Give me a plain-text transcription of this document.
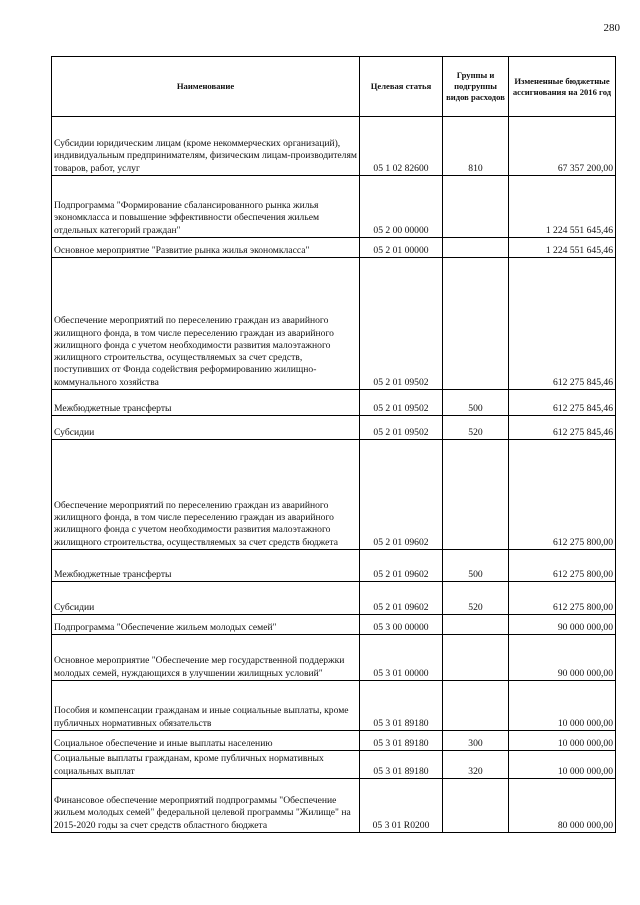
280
Наименование	Целевая статья	Группы и подгруппы видов расходов	Измененные бюджетные ассигнования на 2016 год
Субсидии юридическим лицам (кроме некоммерческих организаций), индивидуальным предпринимателям, физическим лицам-производителям товаров, работ, услуг	05 1 02 82600	810	67 357 200,00
Подпрограмма "Формирование сбалансированного рынка жилья экономкласса и повышение эффективности обеспечения жильем отдельных категорий граждан"	05 2 00 00000		1 224 551 645,46
Основное мероприятие "Развитие рынка жилья экономкласса"	05 2 01 00000		1 224 551 645,46
Обеспечение мероприятий по переселению граждан из аварийного жилищного фонда, в том числе переселению граждан из аварийного жилищного фонда с учетом необходимости развития малоэтажного жилищного строительства, осуществляемых за счет средств, поступивших от Фонда содействия реформированию жилищно-коммунального хозяйства	05 2 01 09502		612 275 845,46
Межбюджетные трансферты	05 2 01 09502	500	612 275 845,46
Субсидии	05 2 01 09502	520	612 275 845,46
Обеспечение мероприятий по переселению граждан из аварийного жилищного фонда, в том числе переселению граждан из аварийного жилищного фонда с учетом необходимости развития малоэтажного жилищного строительства, осуществляемых за счет средств бюджета	05 2 01 09602		612 275 800,00
Межбюджетные трансферты	05 2 01 09602	500	612 275 800,00
Субсидии	05 2 01 09602	520	612 275 800,00
Подпрограмма "Обеспечение жильем молодых семей"	05 3 00 00000		90 000 000,00
Основное мероприятие "Обеспечение мер государственной поддержки молодых семей, нуждающихся в улучшении жилищных условий"	05 3 01 00000		90 000 000,00
Пособия и компенсации гражданам и иные социальные выплаты, кроме публичных нормативных обязательств	05 3 01 89180		10 000 000,00
Социальное обеспечение и иные выплаты населению	05 3 01 89180	300	10 000 000,00
Социальные выплаты гражданам, кроме публичных нормативных социальных выплат	05 3 01 89180	320	10 000 000,00
Финансовое обеспечение мероприятий подпрограммы "Обеспечение жильем молодых семей" федеральной целевой программы "Жилище" на 2015-2020 годы за счет средств областного бюджета	05 3 01 R0200		80 000 000,00
